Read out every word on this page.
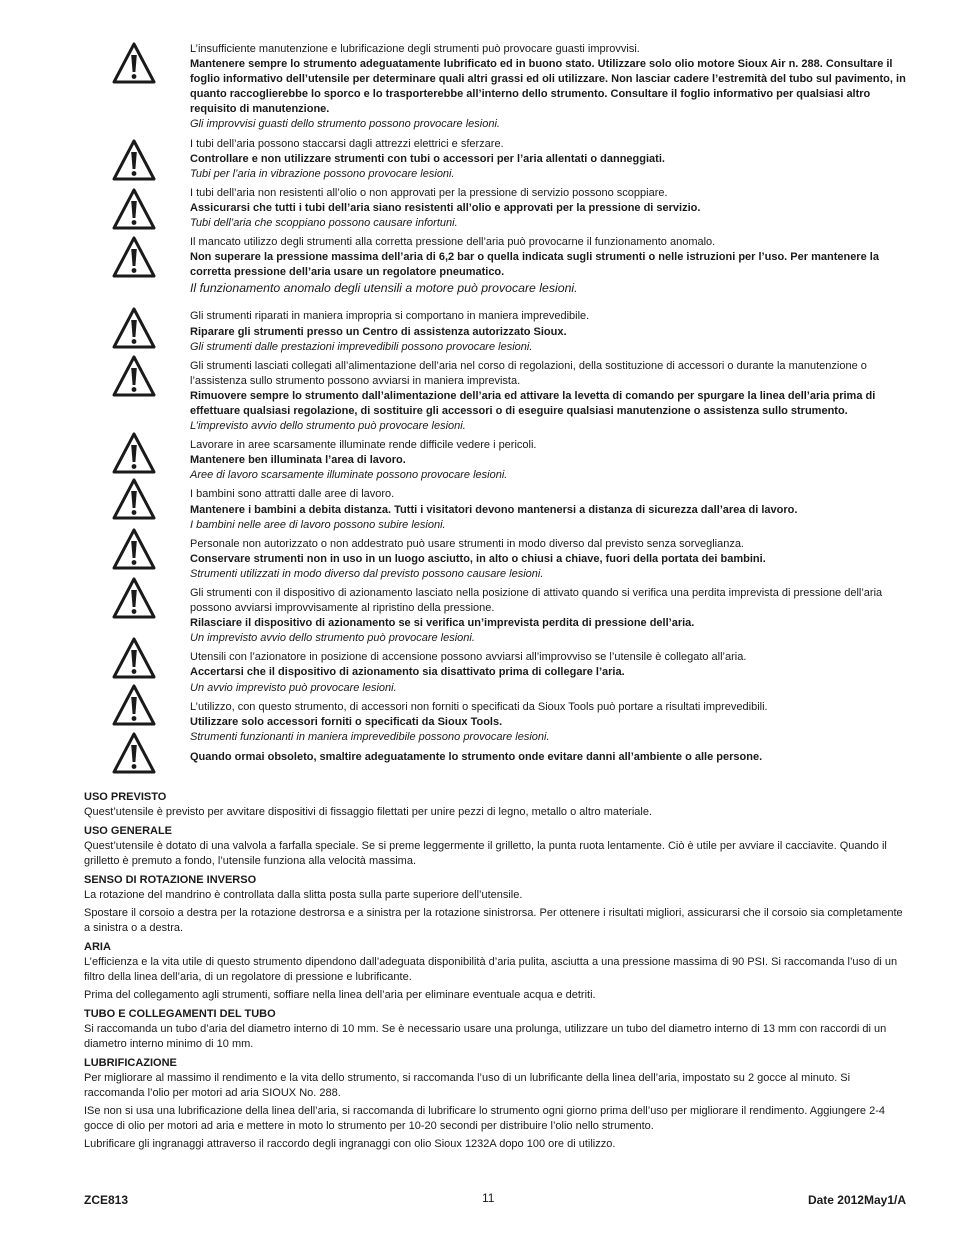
L’insufficiente manutenzione e lubrificazione degli strumenti può provocare guasti improvvisi.

Mantenere sempre lo strumento adeguatamente lubrificato ed in buono stato. Utilizzare solo olio motore Sioux Air n. 288. Consultare il foglio informativo dell’utensile per determinare quali altri grassi ed oli utilizzare. Non lasciar cadere l’estremità del tubo sul pavimento, in quanto raccoglierebbe lo sporco e lo trasporterebbe all’interno dello strumento. Consultare il foglio informativo per qualsiasi altro requisito di manutenzione.

Gli improvvisi guasti dello strumento possono provocare lesioni.

I tubi dell’aria possono staccarsi dagli attrezzi elettrici e sferzare.

Controllare e non utilizzare strumenti con tubi o accessori per l’aria allentati o danneggiati.

Tubi per l’aria in vibrazione possono provocare lesioni.

I tubi dell’aria non resistenti all’olio o non approvati per la pressione di servizio possono scoppiare.

Assicurarsi che tutti i tubi dell’aria siano resistenti all’olio e approvati per la pressione di servizio.

Tubi dell’aria che scoppiano possono causare infortuni.

Il mancato utilizzo degli strumenti alla corretta pressione dell’aria può provocarne il funzionamento anomalo.

Non superare la pressione massima dell’aria di 6,2 bar o quella indicata sugli strumenti o nelle istruzioni per l’uso. Per mantenere la corretta pressione dell’aria usare un regolatore pneumatico.

Il funzionamento anomalo degli utensili a motore può provocare lesioni.

Gli strumenti riparati in maniera impropria si comportano in maniera imprevedibile.

Riparare gli strumenti presso un Centro di assistenza autorizzato Sioux.

Gli strumenti dalle prestazioni imprevedibili possono provocare lesioni.

Gli strumenti lasciati collegati all’alimentazione dell’aria nel corso di regolazioni, della sostituzione di accessori o durante la manutenzione o l’assistenza sullo strumento possono avviarsi in maniera imprevista.

Rimuovere sempre lo strumento dall’alimentazione dell’aria ed attivare la levetta di comando per spurgare la linea dell’aria prima di effettuare qualsiasi regolazione, di sostituire gli accessori o di eseguire qualsiasi manutenzione o assistenza sullo strumento.

L’imprevisto avvio dello strumento può provocare lesioni.

Lavorare in aree scarsamente illuminate rende difficile vedere i pericoli.

Mantenere ben illuminata l’area di lavoro.

Aree di lavoro scarsamente illuminate possono provocare lesioni.

I bambini sono attratti dalle aree di lavoro.

Mantenere i bambini a debita distanza. Tutti i visitatori devono mantenersi a distanza di sicurezza dall’area di lavoro.

I bambini nelle aree di lavoro possono subire lesioni.

Personale non autorizzato o non addestrato può usare strumenti in modo diverso dal previsto senza sorveglianza.

Conservare strumenti non in uso in un luogo asciutto, in alto o chiusi a chiave, fuori della portata dei bambini.

Strumenti utilizzati in modo diverso dal previsto possono causare lesioni.

Gli strumenti con il dispositivo di azionamento lasciato nella posizione di attivato quando si verifica una perdita imprevista di pressione dell’aria possono avviarsi improvvisamente al ripristino della pressione.

Rilasciare il dispositivo di azionamento se si verifica un’imprevista perdita di pressione dell’aria.

Un imprevisto avvio dello strumento può provocare lesioni.

Utensili con l’azionatore in posizione di accensione possono avviarsi all’improvviso se l’utensile è collegato all’aria.

Accertarsi che il dispositivo di azionamento sia disattivato prima di collegare l’aria.

Un avvio imprevisto può provocare lesioni.

L’utilizzo, con questo strumento, di accessori non forniti o specificati da Sioux Tools può portare a risultati imprevedibili.

Utilizzare solo accessori forniti o specificati da Sioux Tools.

Strumenti funzionanti in maniera imprevedibile possono provocare lesioni.

Quando ormai obsoleto, smaltire adeguatamente lo strumento onde evitare danni all’ambiente o alle persone.

USO PREVISTO

Quest’utensile è previsto per avvitare dispositivi di fissaggio filettati per unire pezzi di legno, metallo o altro materiale.

USO GENERALE

Quest’utensile è dotato di una valvola a farfalla speciale. Se si preme leggermente il grilletto, la punta ruota lentamente. Ciò è utile per avviare il cacciavite. Quando il grilletto è premuto a fondo, l’utensile funziona alla velocità massima.

SENSO DI ROTAZIONE INVERSO

La rotazione del mandrino è controllata dalla slitta posta sulla parte superiore dell’utensile.

Spostare il corsoio a destra per la rotazione destrorsa e a sinistra per la rotazione sinistrorsa. Per ottenere i risultati migliori, assicurarsi che il corsoio sia completamente a sinistra o a destra.

ARIA

L’efficienza e la vita utile di questo strumento dipendono dall’adeguata disponibilità d’aria pulita, asciutta a una pressione massima di 90 PSI. Si raccomanda l’uso di un filtro della linea dell’aria, di un regolatore di pressione e lubrificante.

Prima del collegamento agli strumenti, soffiare nella linea dell’aria per eliminare eventuale acqua e detriti.

TUBO E COLLEGAMENTI DEL TUBO

Si raccomanda un tubo d’aria del diametro interno di 10 mm. Se è necessario usare una prolunga, utilizzare un tubo del diametro interno di 13 mm con raccordi di un diametro interno minimo di 10 mm.

LUBRIFICAZIONE

Per migliorare al massimo il rendimento e la vita dello strumento, si raccomanda l’uso di un lubrificante della linea dell’aria, impostato su 2 gocce al minuto. Si raccomanda l’olio per motori ad aria SIOUX No. 288.

ISe non si usa una lubrificazione della linea dell’aria, si raccomanda di lubrificare lo strumento ogni giorno prima dell’uso per migliorare il rendimento. Aggiungere 2-4 gocce di olio per motori ad aria e mettere in moto lo strumento per 10-20 secondi per distribuire l’olio nello strumento.

Lubrificare gli ingranaggi attraverso il raccordo degli ingranaggi con olio Sioux 1232A dopo 100 ore di utilizzo.

ZCE813	11	Date 2012May1/A
